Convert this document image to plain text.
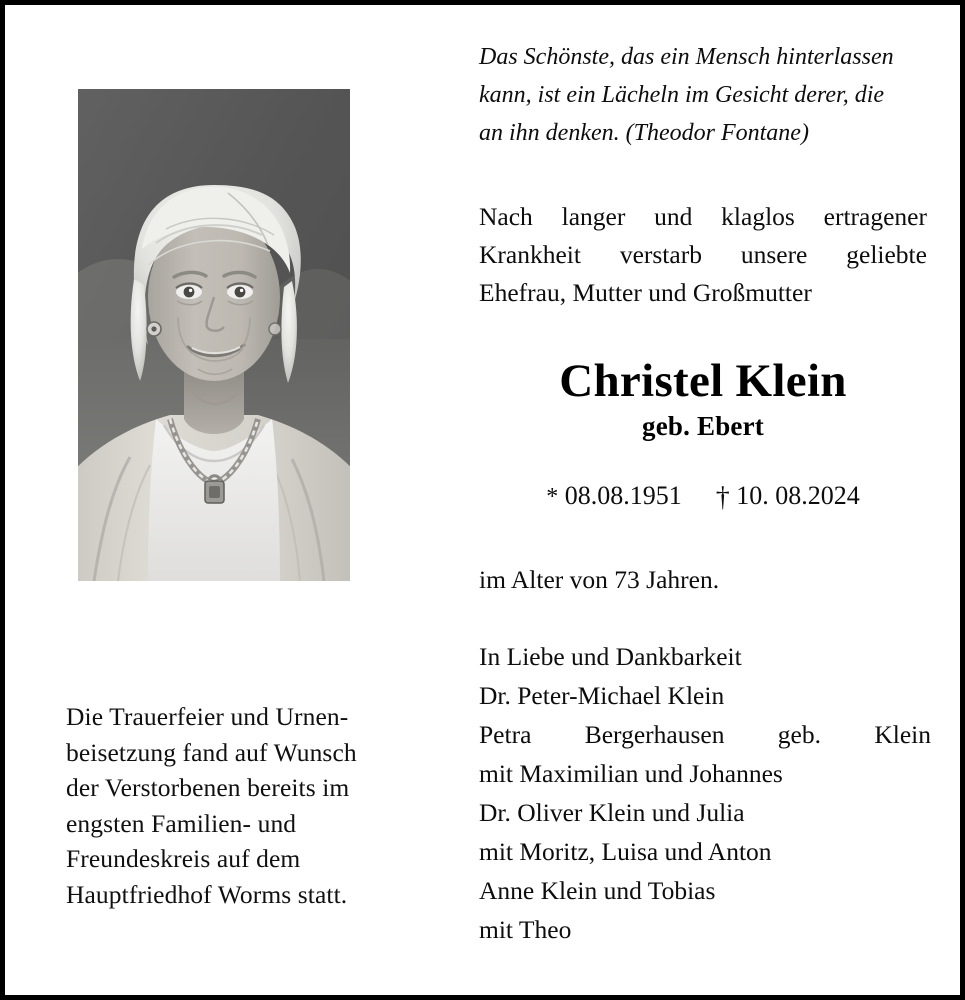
Die Trauerfeier und Urnen-
beisetzung fand auf Wunsch
der Verstorbenen bereits im
engsten Familien- und
Freundeskreis auf dem
Hauptfriedhof Worms statt.
Das Schönste, das ein Mensch hinterlassen
kann, ist ein Lächeln im Gesicht derer, die
an ihn denken. (Theodor Fontane)
Nach langer und klaglos ertragener
Krankheit verstarb unsere geliebte
Ehefrau, Mutter und Großmutter
Christel Klein
geb. Ebert
* 08.08.1951 † 10. 08.2024
im Alter von 73 Jahren.
In Liebe und Dankbarkeit
Dr. Peter-Michael Klein
Petra Bergerhausen geb. Klein
mit Maximilian und Johannes
Dr. Oliver Klein und Julia
mit Moritz, Luisa und Anton
Anne Klein und Tobias
mit Theo
